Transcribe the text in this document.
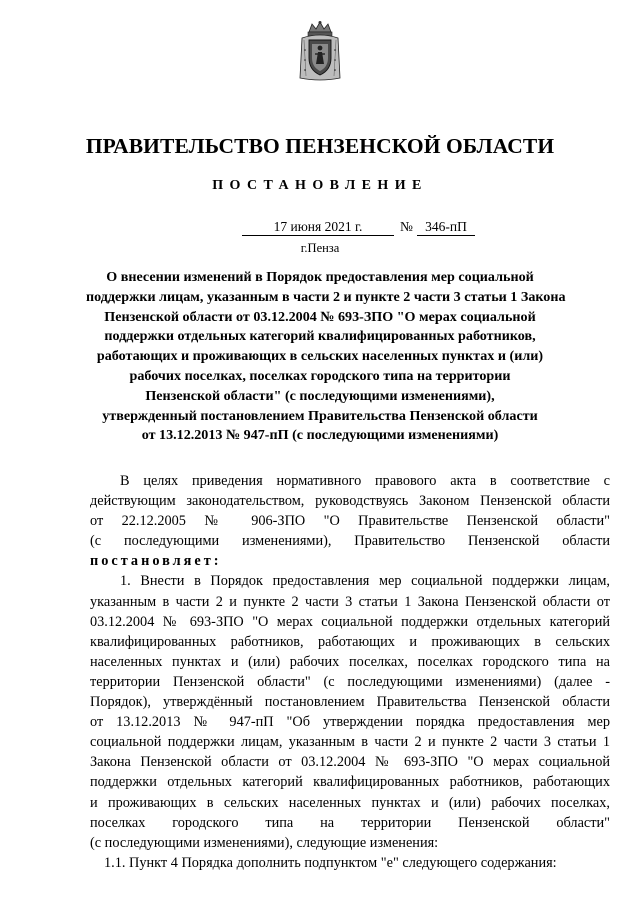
ПРАВИТЕЛЬСТВО ПЕНЗЕНСКОЙ ОБЛАСТИ
ПОСТАНОВЛЕНИЕ
17 июня 2021 г.	№ 346-пП
г.Пенза
О внесении изменений в Порядок предоставления мер социальной
поддержки лицам, указанным в части 2 и пункте 2 части 3 статьи 1 Закона
Пензенской области от 03.12.2004 № 693-ЗПО "О мерах социальной
поддержки отдельных категорий квалифицированных работников,
работающих и проживающих в сельских населенных пунктах и (или)
рабочих поселках, поселках городского типа на территории
Пензенской области" (с последующими изменениями),
утвержденный постановлением Правительства Пензенской области
от 13.12.2013 № 947-пП (с последующими изменениями)
В целях приведения нормативного правового акта в соответствие с
действующим законодательством, руководствуясь Законом Пензенской области
от 22.12.2005 № 906-ЗПО "О Правительстве Пензенской области"
(с последующими изменениями), Правительство Пензенской области
постановляет:
1. Внести в Порядок предоставления мер социальной поддержки лицам,
указанным в части 2 и пункте 2 части 3 статьи 1 Закона Пензенской области от
03.12.2004 № 693-ЗПО "О мерах социальной поддержки отдельных категорий
квалифицированных работников, работающих и проживающих в сельских
населенных пунктах и (или) рабочих поселках, поселках городского типа на
территории Пензенской области" (с последующими изменениями) (далее -
Порядок), утверждённый постановлением Правительства Пензенской области
от 13.12.2013 № 947-пП "Об утверждении порядка предоставления мер
социальной поддержки лицам, указанным в части 2 и пункте 2 части 3 статьи 1
Закона Пензенской области от 03.12.2004 № 693-ЗПО "О мерах социальной
поддержки отдельных категорий квалифицированных работников, работающих
и проживающих в сельских населенных пунктах и (или) рабочих поселках,
поселках городского типа на территории Пензенской области"
(с последующими изменениями), следующие изменения:
1.1. Пункт 4 Порядка дополнить подпунктом "е" следующего содержания:
